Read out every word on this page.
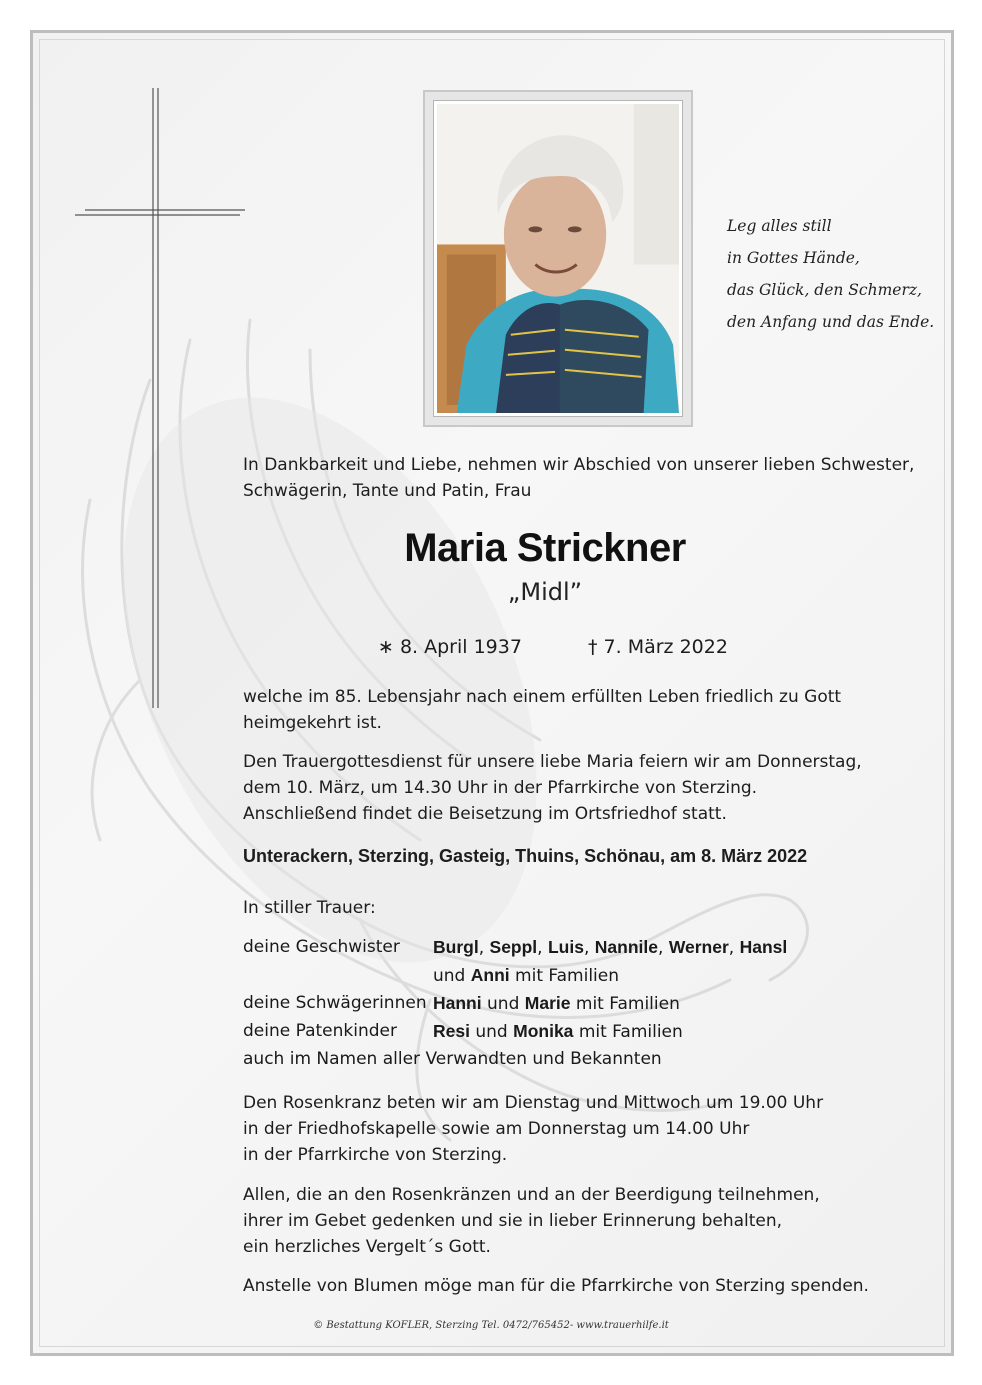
Leg alles still
in Gottes Hände,
das Glück, den Schmerz,
den Anfang und das Ende.
In Dankbarkeit und Liebe, nehmen wir Abschied von unserer lieben Schwester,
Schwägerin, Tante und Patin, Frau
Maria Strickner
„Midl”
∗ 8. April 1937	† 7. März 2022
welche im 85. Lebensjahr nach einem erfüllten Leben friedlich zu Gott
heimgekehrt ist.
Den Trauergottesdienst für unsere liebe Maria feiern wir am Donnerstag,
dem 10. März, um 14.30 Uhr in der Pfarrkirche von Sterzing.
Anschließend findet die Beisetzung im Ortsfriedhof statt.
Unterackern, Sterzing, Gasteig, Thuins, Schönau, am 8. März 2022
In stiller Trauer:
deine Geschwister	Burgl, Seppl, Luis, Nannile, Werner, Hansl
und Anni mit Familien
deine Schwägerinnen Hanni und Marie mit Familien
deine Patenkinder	Resi und Monika mit Familien
auch im Namen aller Verwandten und Bekannten
Den Rosenkranz beten wir am Dienstag und Mittwoch um 19.00 Uhr
in der Friedhofskapelle sowie am Donnerstag um 14.00 Uhr
in der Pfarrkirche von Sterzing.
Allen, die an den Rosenkränzen und an der Beerdigung teilnehmen,
ihrer im Gebet gedenken und sie in lieber Erinnerung behalten,
ein herzliches Vergelt´s Gott.
Anstelle von Blumen möge man für die Pfarrkirche von Sterzing spenden.
© Bestattung KOFLER, Sterzing Tel. 0472/765452- www.trauerhilfe.it
